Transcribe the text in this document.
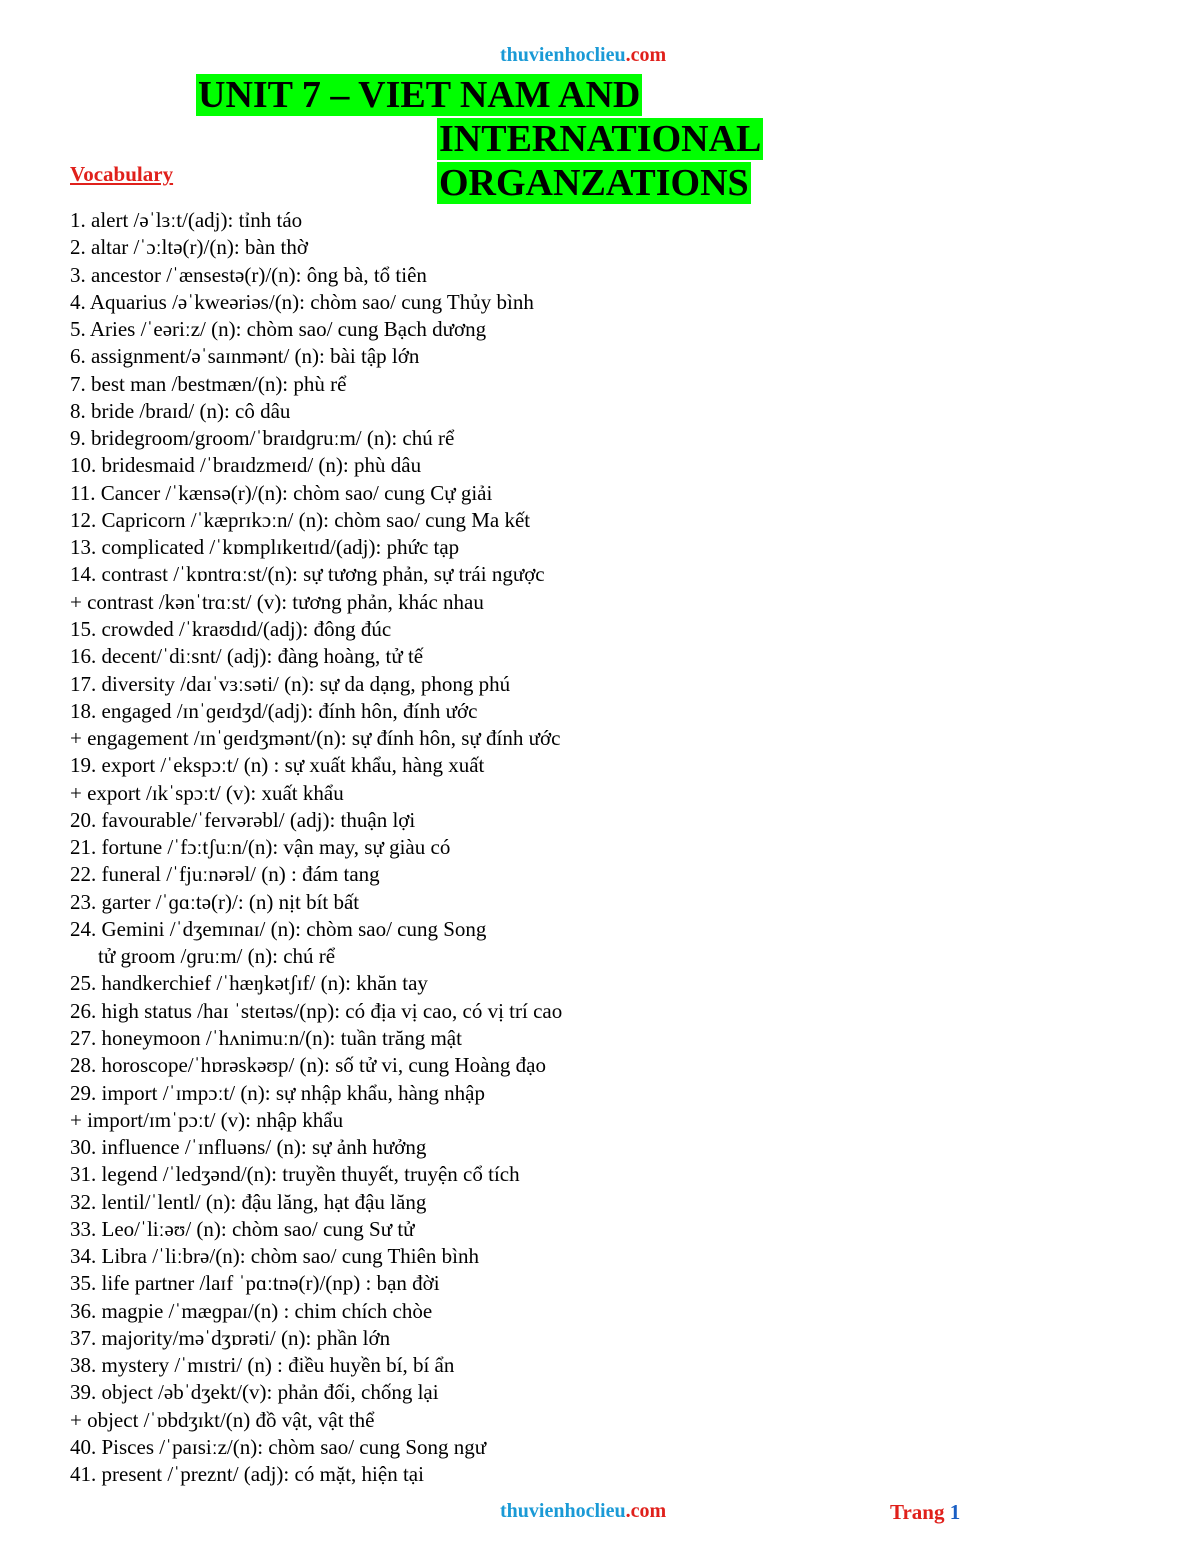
thuvienhoclieu.com
UNIT 7 – VIET NAM AND
INTERNATIONAL
ORGANZATIONS
Vocabulary
1. alert /əˈlɜːt/(adj): tỉnh táo
2. altar /ˈɔːltə(r)/(n): bàn thờ
3. ancestor /ˈænsestə(r)/(n): ông bà, tổ tiên
4. Aquarius /əˈkweəriəs/(n): chòm sao/ cung Thủy bình
5. Aries /ˈeəriːz/ (n): chòm sao/ cung Bạch dương
6. assignment/əˈsaɪnmənt/ (n): bài tập lớn
7. best man /bestmæn/(n): phù rể
8. bride /braɪd/ (n): cô dâu
9. bridegroom/groom/ˈbraɪdɡruːm/ (n): chú rể
10. bridesmaid /ˈbraɪdzmeɪd/ (n): phù dâu
11. Cancer /ˈkænsə(r)/(n): chòm sao/ cung Cự giải
12. Capricorn /ˈkæprɪkɔːn/ (n): chòm sao/ cung Ma kết
13. complicated /ˈkɒmplɪkeɪtɪd/(adj): phức tạp
14. contrast /ˈkɒntrɑːst/(n): sự tương phản, sự trái ngược
+ contrast /kənˈtrɑːst/ (v): tương phản, khác nhau
15. crowded /ˈkraʊdɪd/(adj): đông đúc
16. decent/ˈdiːsnt/ (adj): đàng hoàng, tử tế
17. diversity /daɪˈvɜːsəti/ (n): sự da dạng, phong phú
18. engaged /ɪnˈɡeɪdʒd/(adj): đính hôn, đính ước
+ engagement /ɪnˈɡeɪdʒmənt/(n): sự đính hôn, sự đính ước
19. export /ˈekspɔːt/ (n) : sự xuất khẩu, hàng xuất
+ export /ɪkˈspɔːt/ (v): xuất khẩu
20. favourable/ˈfeɪvərəbl/ (adj): thuận lợi
21. fortune /ˈfɔːtʃuːn/(n): vận may, sự giàu có
22. funeral /ˈfjuːnərəl/ (n) : đám tang
23. garter /ˈɡɑːtə(r)/: (n) nịt bít bất
24. Gemini /ˈdʒemɪnaɪ/ (n): chòm sao/ cung Song
tử groom /ɡruːm/ (n): chú rể
25. handkerchief /ˈhæŋkətʃɪf/ (n): khăn tay
26. high status /haɪ ˈsteɪtəs/(np): có địa vị cao, có vị trí cao
27. honeymoon /ˈhʌnimuːn/(n): tuần trăng mật
28. horoscope/ˈhɒrəskəʊp/ (n): số tử vi, cung Hoàng đạo
29. import /ˈɪmpɔːt/ (n): sự nhập khẩu, hàng nhập
+ import/ɪmˈpɔːt/ (v): nhập khẩu
30. influence /ˈɪnfluəns/ (n): sự ảnh hưởng
31. legend /ˈledʒənd/(n): truyền thuyết, truyện cổ tích
32. lentil/ˈlentl/ (n): đậu lăng, hạt đậu lăng
33. Leo/ˈliːəʊ/ (n): chòm sao/ cung Sư tử
34. Libra /ˈliːbrə/(n): chòm sao/ cung Thiên bình
35. life partner /laɪf ˈpɑːtnə(r)/(np) : bạn đời
36. magpie /ˈmæɡpaɪ/(n) : chim chích chòe
37. majority/məˈdʒɒrəti/ (n): phần lớn
38. mystery /ˈmɪstri/ (n) : điều huyền bí, bí ẩn
39. object /əbˈdʒekt/(v): phản đối, chống lại
+ object /ˈɒbdʒɪkt/(n) đồ vật, vật thể
40. Pisces /ˈpaɪsiːz/(n): chòm sao/ cung Song ngư
41. present /ˈpreznt/ (adj): có mặt, hiện tại
thuvienhoclieu.com	Trang 1
